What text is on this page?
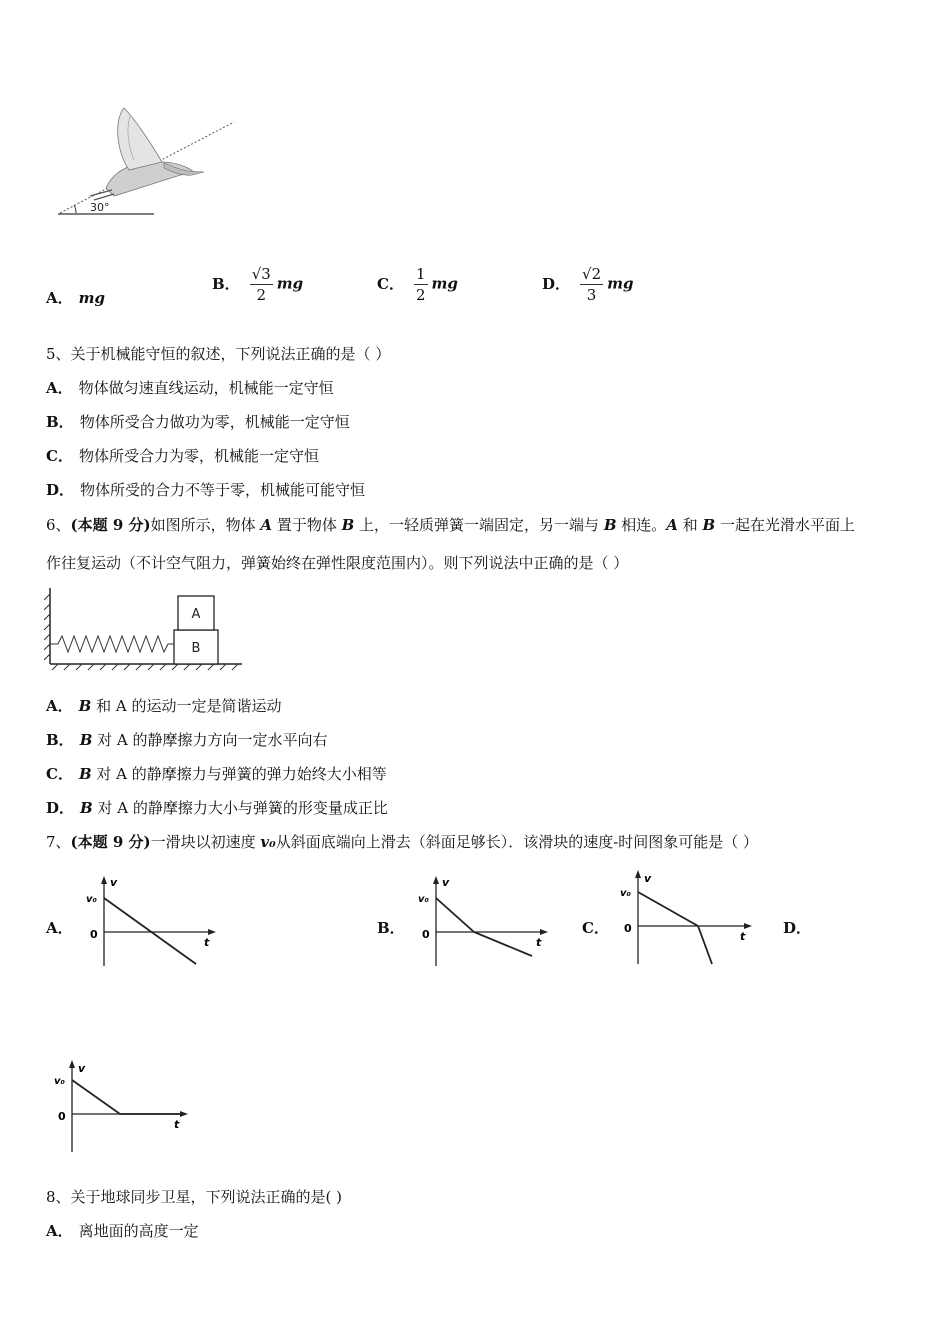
30°
A． mg
B． $\frac{√3}{2}$ mg	C． $\frac{1}{2}$ mg	D． $\frac{√2}{3}$ mg
5、关于机械能守恒的叙述，下列说法正确的是（ ）
A． 物体做匀速直线运动，机械能一定守恒
B． 物体所受合力做功为零，机械能一定守恒
C． 物体所受合力为零，机械能一定守恒
D． 物体所受的合力不等于零，机械能可能守恒
6、(本题 9 分)如图所示，物体 A 置于物体 B 上，一轻质弹簧一端固定，另一端与 B 相连。A 和 B 一起在光滑水平面上
作往复运动（不计空气阻力，弹簧始终在弹性限度范围内）。则下列说法中正确的是（ ）
A
B
A． B 和 A 的运动一定是简谐运动
B． B 对 A 的静摩擦力方向一定水平向右
C． B 对 A 的静摩擦力与弹簧的弹力始终大小相等
D． B 对 A 的静摩擦力大小与弹簧的形变量成正比
7、(本题 9 分)一滑块以初速度 v₀从斜面底端向上滑去（斜面足够长）．该滑块的速度-时间图象可能是（ ）
A．	B．	C．	D．
v
v₀
0
t
v
v₀
0
t
v
v₀
0
t
v
v₀
0
t
8、关于地球同步卫星，下列说法正确的是( )
A． 离地面的高度一定
